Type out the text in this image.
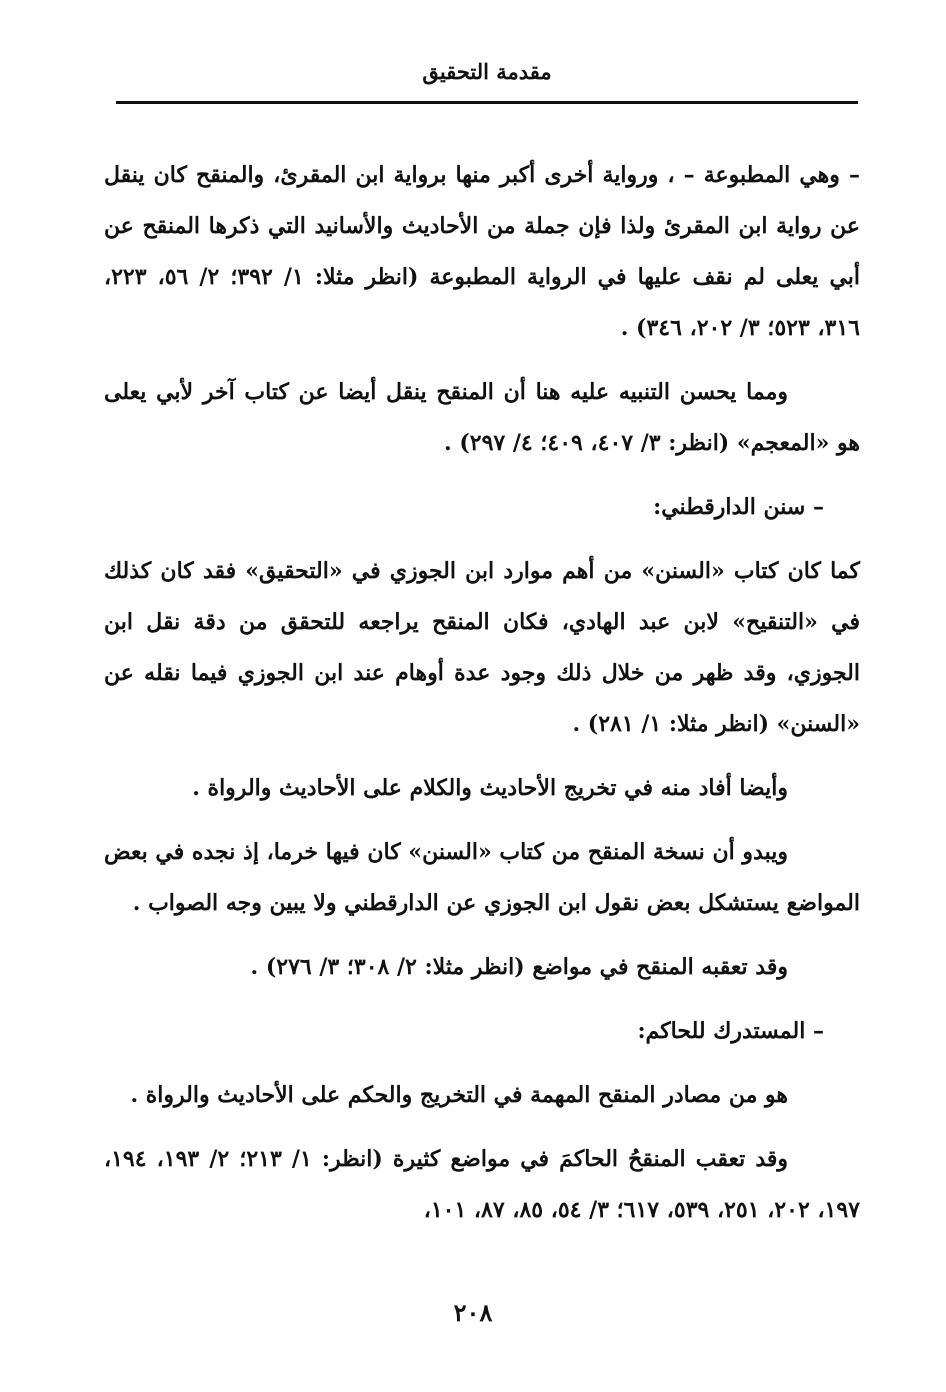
مقدمة التحقيق

– وهي المطبوعة – ، ورواية أخرى أكبر منها برواية ابن المقرئ، والمنقح كان ينقل عن رواية ابن المقرئ ولذا فإن جملة من الأحاديث والأسانيد التي ذكرها المنقح عن أبي يعلى لم نقف عليها في الرواية المطبوعة (انظر مثلا: ١/ ٣٩٢؛ ٢/ ٥٦، ٢٢٣، ٣١٦، ٥٢٣؛ ٣/ ٢٠٢، ٣٤٦) .

ومما يحسن التنبيه عليه هنا أن المنقح ينقل أيضا عن كتاب آخر لأبي يعلى هو «المعجم» (انظر: ٣/ ٤٠٧، ٤٠٩؛ ٤/ ٢٩٧) .

– سنن الدارقطني:

كما كان كتاب «السنن» من أهم موارد ابن الجوزي في «التحقيق» فقد كان كذلك في «التنقيح» لابن عبد الهادي، فكان المنقح يراجعه للتحقق من دقة نقل ابن الجوزي، وقد ظهر من خلال ذلك وجود عدة أوهام عند ابن الجوزي فيما نقله عن «السنن» (انظر مثلا: ١/ ٢٨١) .

وأيضا أفاد منه في تخريج الأحاديث والكلام على الأحاديث والرواة .

ويبدو أن نسخة المنقح من كتاب «السنن» كان فيها خرما، إذ نجده في بعض المواضع يستشكل بعض نقول ابن الجوزي عن الدارقطني ولا يبين وجه الصواب .

وقد تعقبه المنقح في مواضع (انظر مثلا: ٢/ ٣٠٨؛ ٣/ ٢٧٦) .

– المستدرك للحاكم:

هو من مصادر المنقح المهمة في التخريج والحكم على الأحاديث والرواة .

وقد تعقب المنقحُ الحاكمَ في مواضع كثيرة (انظر: ١/ ٢١٣؛ ٢/ ١٩٣، ١٩٤، ١٩٧، ٢٠٢، ٢٥١، ٥٣٩، ٦١٧؛ ٣/ ٥٤، ٨٥، ٨٧، ١٠١،

٢٠٨
